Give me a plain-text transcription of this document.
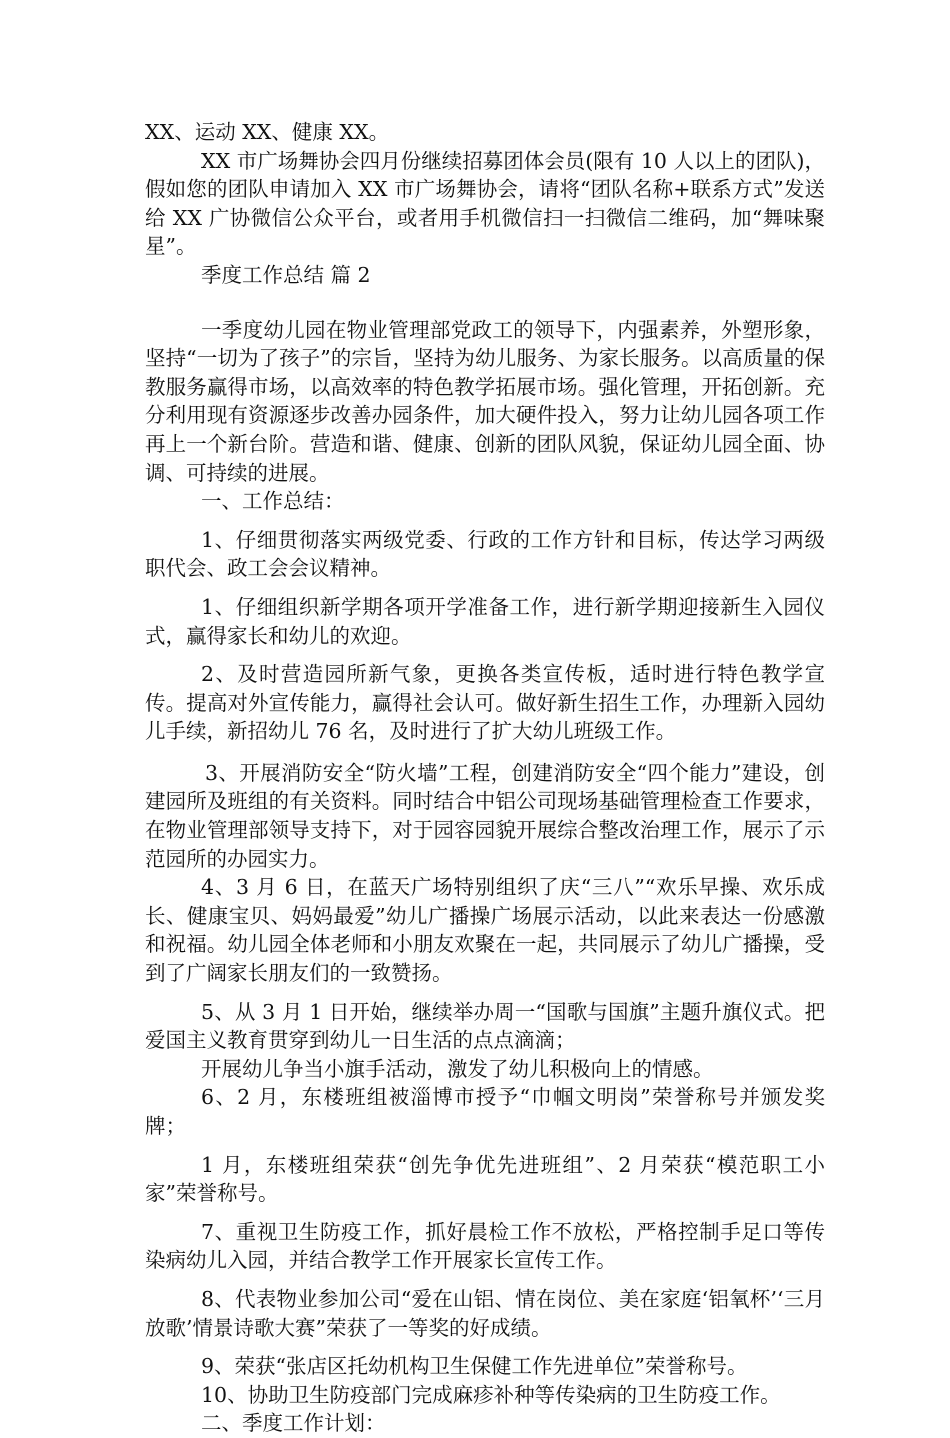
XX、运动 XX、健康 XX。

XX 市广场舞协会四月份继续招募团体会员(限有 10 人以上的团队)，假如您的团队申请加入 XX 市广场舞协会，请将“团队名称+联系方式”发送给 XX 广协微信公众平台，或者用手机微信扫一扫微信二维码，加“舞味聚星”。

季度工作总结 篇 2

一季度幼儿园在物业管理部党政工的领导下，内强素养，外塑形象，坚持“一切为了孩子”的宗旨，坚持为幼儿服务、为家长服务。以高质量的保教服务赢得市场，以高效率的特色教学拓展市场。强化管理，开拓创新。充分利用现有资源逐步改善办园条件，加大硬件投入，努力让幼儿园各项工作再上一个新台阶。营造和谐、健康、创新的团队风貌，保证幼儿园全面、协调、可持续的进展。

一、工作总结：

1、仔细贯彻落实两级党委、行政的工作方针和目标，传达学习两级职代会、政工会会议精神。

1、仔细组织新学期各项开学准备工作，进行新学期迎接新生入园仪式，赢得家长和幼儿的欢迎。

2、及时营造园所新气象，更换各类宣传板，适时进行特色教学宣传。提高对外宣传能力，赢得社会认可。做好新生招生工作，办理新入园幼儿手续，新招幼儿 76 名，及时进行了扩大幼儿班级工作。

3、开展消防安全“防火墙”工程，创建消防安全“四个能力”建设，创建园所及班组的有关资料。同时结合中铝公司现场基础管理检查工作要求，在物业管理部领导支持下，对于园容园貌开展综合整改治理工作，展示了示范园所的办园实力。

4、3 月 6 日，在蓝天广场特别组织了庆“三八”“欢乐早操、欢乐成长、健康宝贝、妈妈最爱”幼儿广播操广场展示活动，以此来表达一份感激和祝福。幼儿园全体老师和小朋友欢聚在一起，共同展示了幼儿广播操，受到了广阔家长朋友们的一致赞扬。

5、从 3 月 1 日开始，继续举办周一“国歌与国旗”主题升旗仪式。把爱国主义教育贯穿到幼儿一日生活的点点滴滴；

开展幼儿争当小旗手活动，激发了幼儿积极向上的情感。

6、2 月，东楼班组被淄博市授予“巾帼文明岗”荣誉称号并颁发奖牌；

1 月，东楼班组荣获“创先争优先进班组”、2 月荣获“模范职工小家”荣誉称号。

7、重视卫生防疫工作，抓好晨检工作不放松，严格控制手足口等传染病幼儿入园，并结合教学工作开展家长宣传工作。

8、代表物业参加公司“爱在山铝、情在岗位、美在家庭‘铝氧杯’‘三月放歌’情景诗歌大赛”荣获了一等奖的好成绩。

9、荣获“张店区托幼机构卫生保健工作先进单位”荣誉称号。

10、协助卫生防疫部门完成麻疹补种等传染病的卫生防疫工作。

二、季度工作计划：
